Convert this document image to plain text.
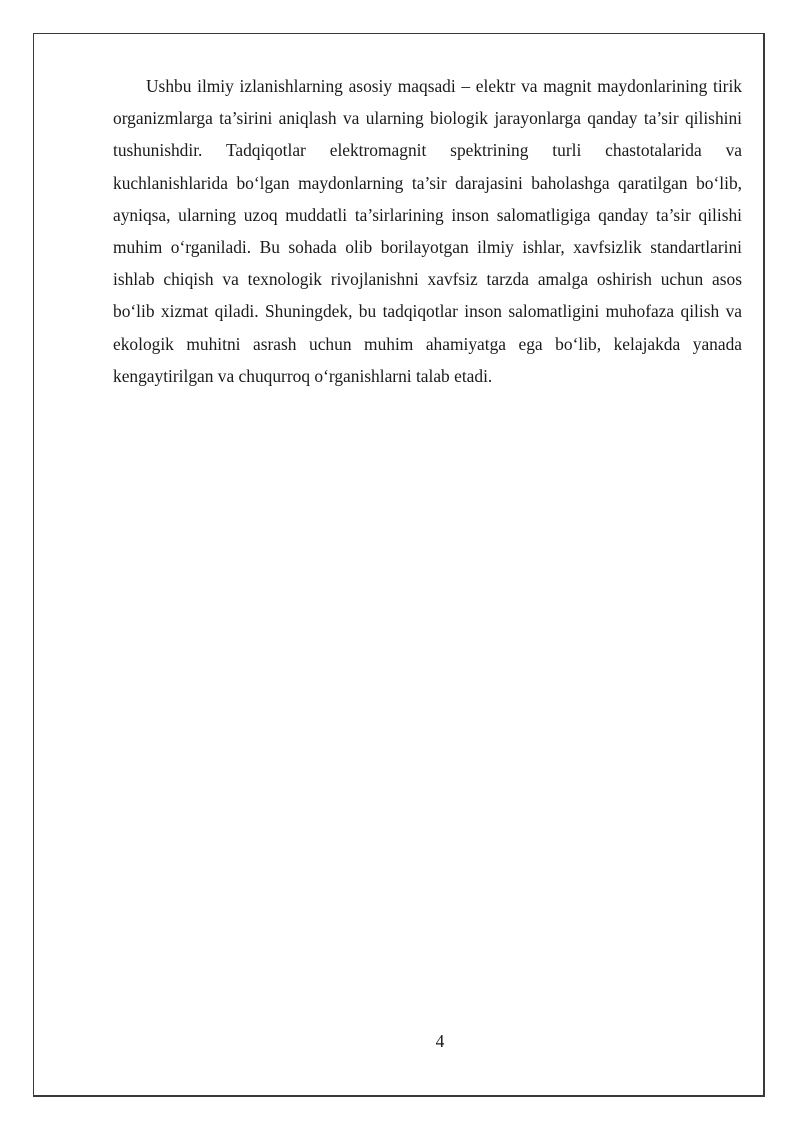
Ushbu ilmiy izlanishlarning asosiy maqsadi – elektr va magnit maydonlarining tirik organizmlarga ta’sirini aniqlash va ularning biologik jarayonlarga qanday ta’sir qilishini tushunishdir. Tadqiqotlar elektromagnit spektrining turli chastotalarida va kuchlanishlarida bo‘lgan maydonlarning ta’sir darajasini baholashga qaratilgan bo‘lib, ayniqsa, ularning uzoq muddatli ta’sirlarining inson salomatligiga qanday ta’sir qilishi muhim o‘rganiladi. Bu sohada olib borilayotgan ilmiy ishlar, xavfsizlik standartlarini ishlab chiqish va texnologik rivojlanishni xavfsiz tarzda amalga oshirish uchun asos bo‘lib xizmat qiladi. Shuningdek, bu tadqiqotlar inson salomatligini muhofaza qilish va ekologik muhitni asrash uchun muhim ahamiyatga ega bo‘lib, kelajakda yanada kengaytirilgan va chuqurroq o‘rganishlarni talab etadi.

4
